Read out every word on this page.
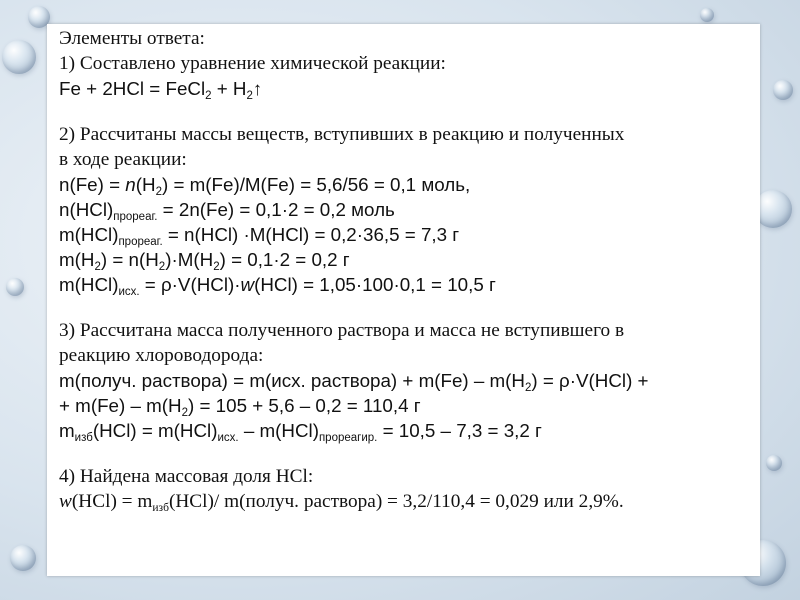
Элементы ответа:
1) Составлено уравнение химической реакции:
Fe + 2HCl = FeCl$_2$ + $H_2↑$
2) Рассчитаны массы веществ, вступивших в реакцию и полученных
в ходе реакции:
$n(Fe) = n(H_2) = m(Fe)/M(Fe) = 5,6/56 = 0,1$ моль,
$n(HCl)_{прореаг.} = 2n(Fe) = 0,1\cdot 2 = 0,2$ моль
$m(HCl)_{прореаг.} = n(HCl) \cdot M(HCl) = 0,2\cdot 36,5 = 7,3$ г
$m(H_2) = n(H_2)\cdot M(H_2) = 0,1\cdot 2 = 0,2$ г
$m(HCl)_{исх.} = \rho\cdot V(HCl)\cdot w(HCl) = 1,05\cdot 100\cdot 0,1 = 10,5$ г
3) Рассчитана масса полученного раствора и масса не вступившего в
реакцию хлороводорода:
m(получ. раствора) = m(исх. раствора) + $m(Fe) - m(H_2) = \rho\cdot V(HCl)$ +
+ $m(Fe) - m(H_2) = 105 + 5,6 - 0,2 = 110,4$ г
$m_{изб}(HCl) = m(HCl)_{исх.} - m(HCl)_{прореагир.} = 10,5 - 7,3 = 3,2$ г
4) Найдена массовая доля HCl:
$w(HCl) = m_{изб}(HCl)/$ m(получ. раствора) = 3,2/110,4 = 0,029 или 2,9%.
